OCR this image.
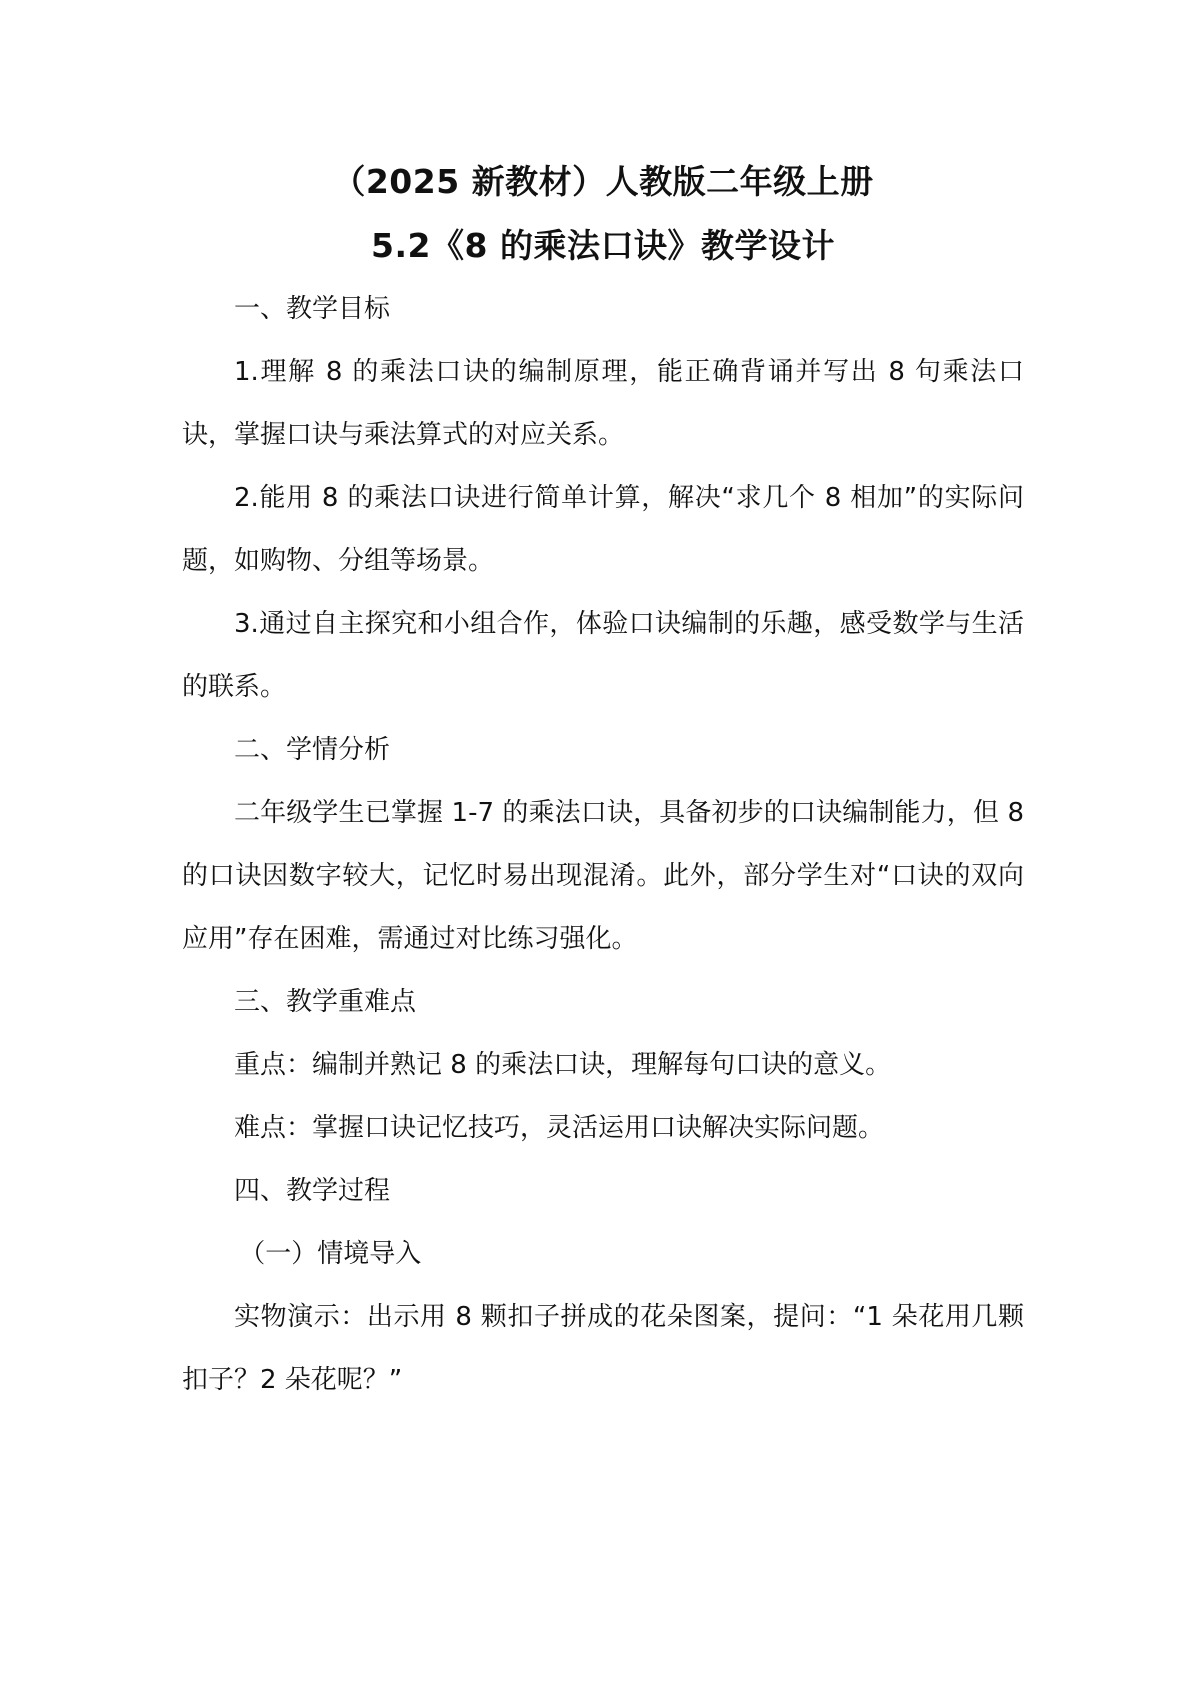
（2025 新教材）人教版二年级上册
5.2《8 的乘法口诀》教学设计

一、教学目标

1.理解 8 的乘法口诀的编制原理，能正确背诵并写出 8 句乘法口诀，掌握口诀与乘法算式的对应关系。

2.能用 8 的乘法口诀进行简单计算，解决“求几个 8 相加”的实际问题，如购物、分组等场景。

3.通过自主探究和小组合作，体验口诀编制的乐趣，感受数学与生活的联系。

二、学情分析

二年级学生已掌握 1-7 的乘法口诀，具备初步的口诀编制能力，但 8 的口诀因数字较大，记忆时易出现混淆。此外，部分学生对“口诀的双向应用”存在困难，需通过对比练习强化。

三、教学重难点

重点：编制并熟记 8 的乘法口诀，理解每句口诀的意义。

难点：掌握口诀记忆技巧，灵活运用口诀解决实际问题。

四、教学过程

（一）情境导入

实物演示：出示用 8 颗扣子拼成的花朵图案，提问：“1 朵花用几颗扣子？2 朵花呢？”
